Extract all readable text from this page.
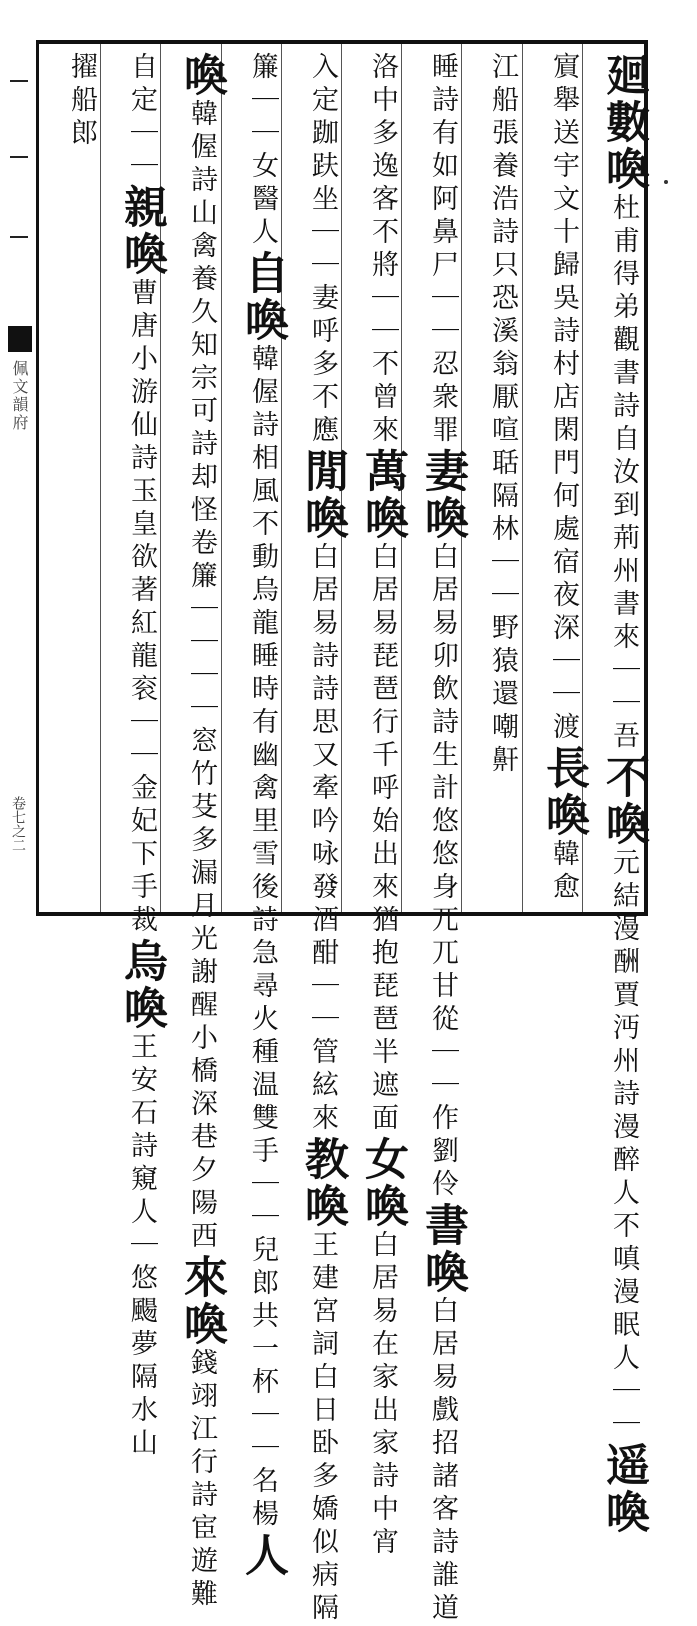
佩文韻府
卷七之二
廻數喚杜甫得弟觀書詩自汝到荊州書來｜｜吾不喚元結漫酬賈沔州詩漫醉人不嗔漫眠人｜｜遥喚
賔舉送宇文十歸吳詩村店閑門何處宿夜深｜｜渡長喚韓愈
江船張養浩詩只恐溪翁厭喧聒隔林｜｜野猿還嘲鼾
睡詩有如阿鼻尸｜｜忍衆罪妻喚白居易卯飲詩生計悠悠身兀兀甘從｜｜作劉伶書喚白居易戲招諸客詩誰道
洛中多逸客不將｜｜不曾來萬喚白居易琵琶行千呼始出來猶抱琵琶半遮面女喚白居易在家出家詩中宵
入定跏趺坐｜｜妻呼多不應閒喚白居易詩詩思又牽吟咏發酒酣｜｜管絃來教喚王建宮詞白日卧多嬌似病隔
簾｜｜女醫人自喚韓偓詩相風不動烏龍睡時有幽禽里雪後詩急尋火種温雙手｜｜兒郎共一杯｜｜名楊人
喚韓偓詩山禽養久知宗可詩却怪卷簾｜｜｜｜窓竹芟多漏月光謝醒小橋深巷夕陽西來喚錢翊江行詩宦遊難
自定｜｜親喚曹唐小游仙詩玉皇欲著紅龍衮｜｜金妃下手裁烏喚王安石詩窺人｜悠颺夢隔水山
擢船郎
